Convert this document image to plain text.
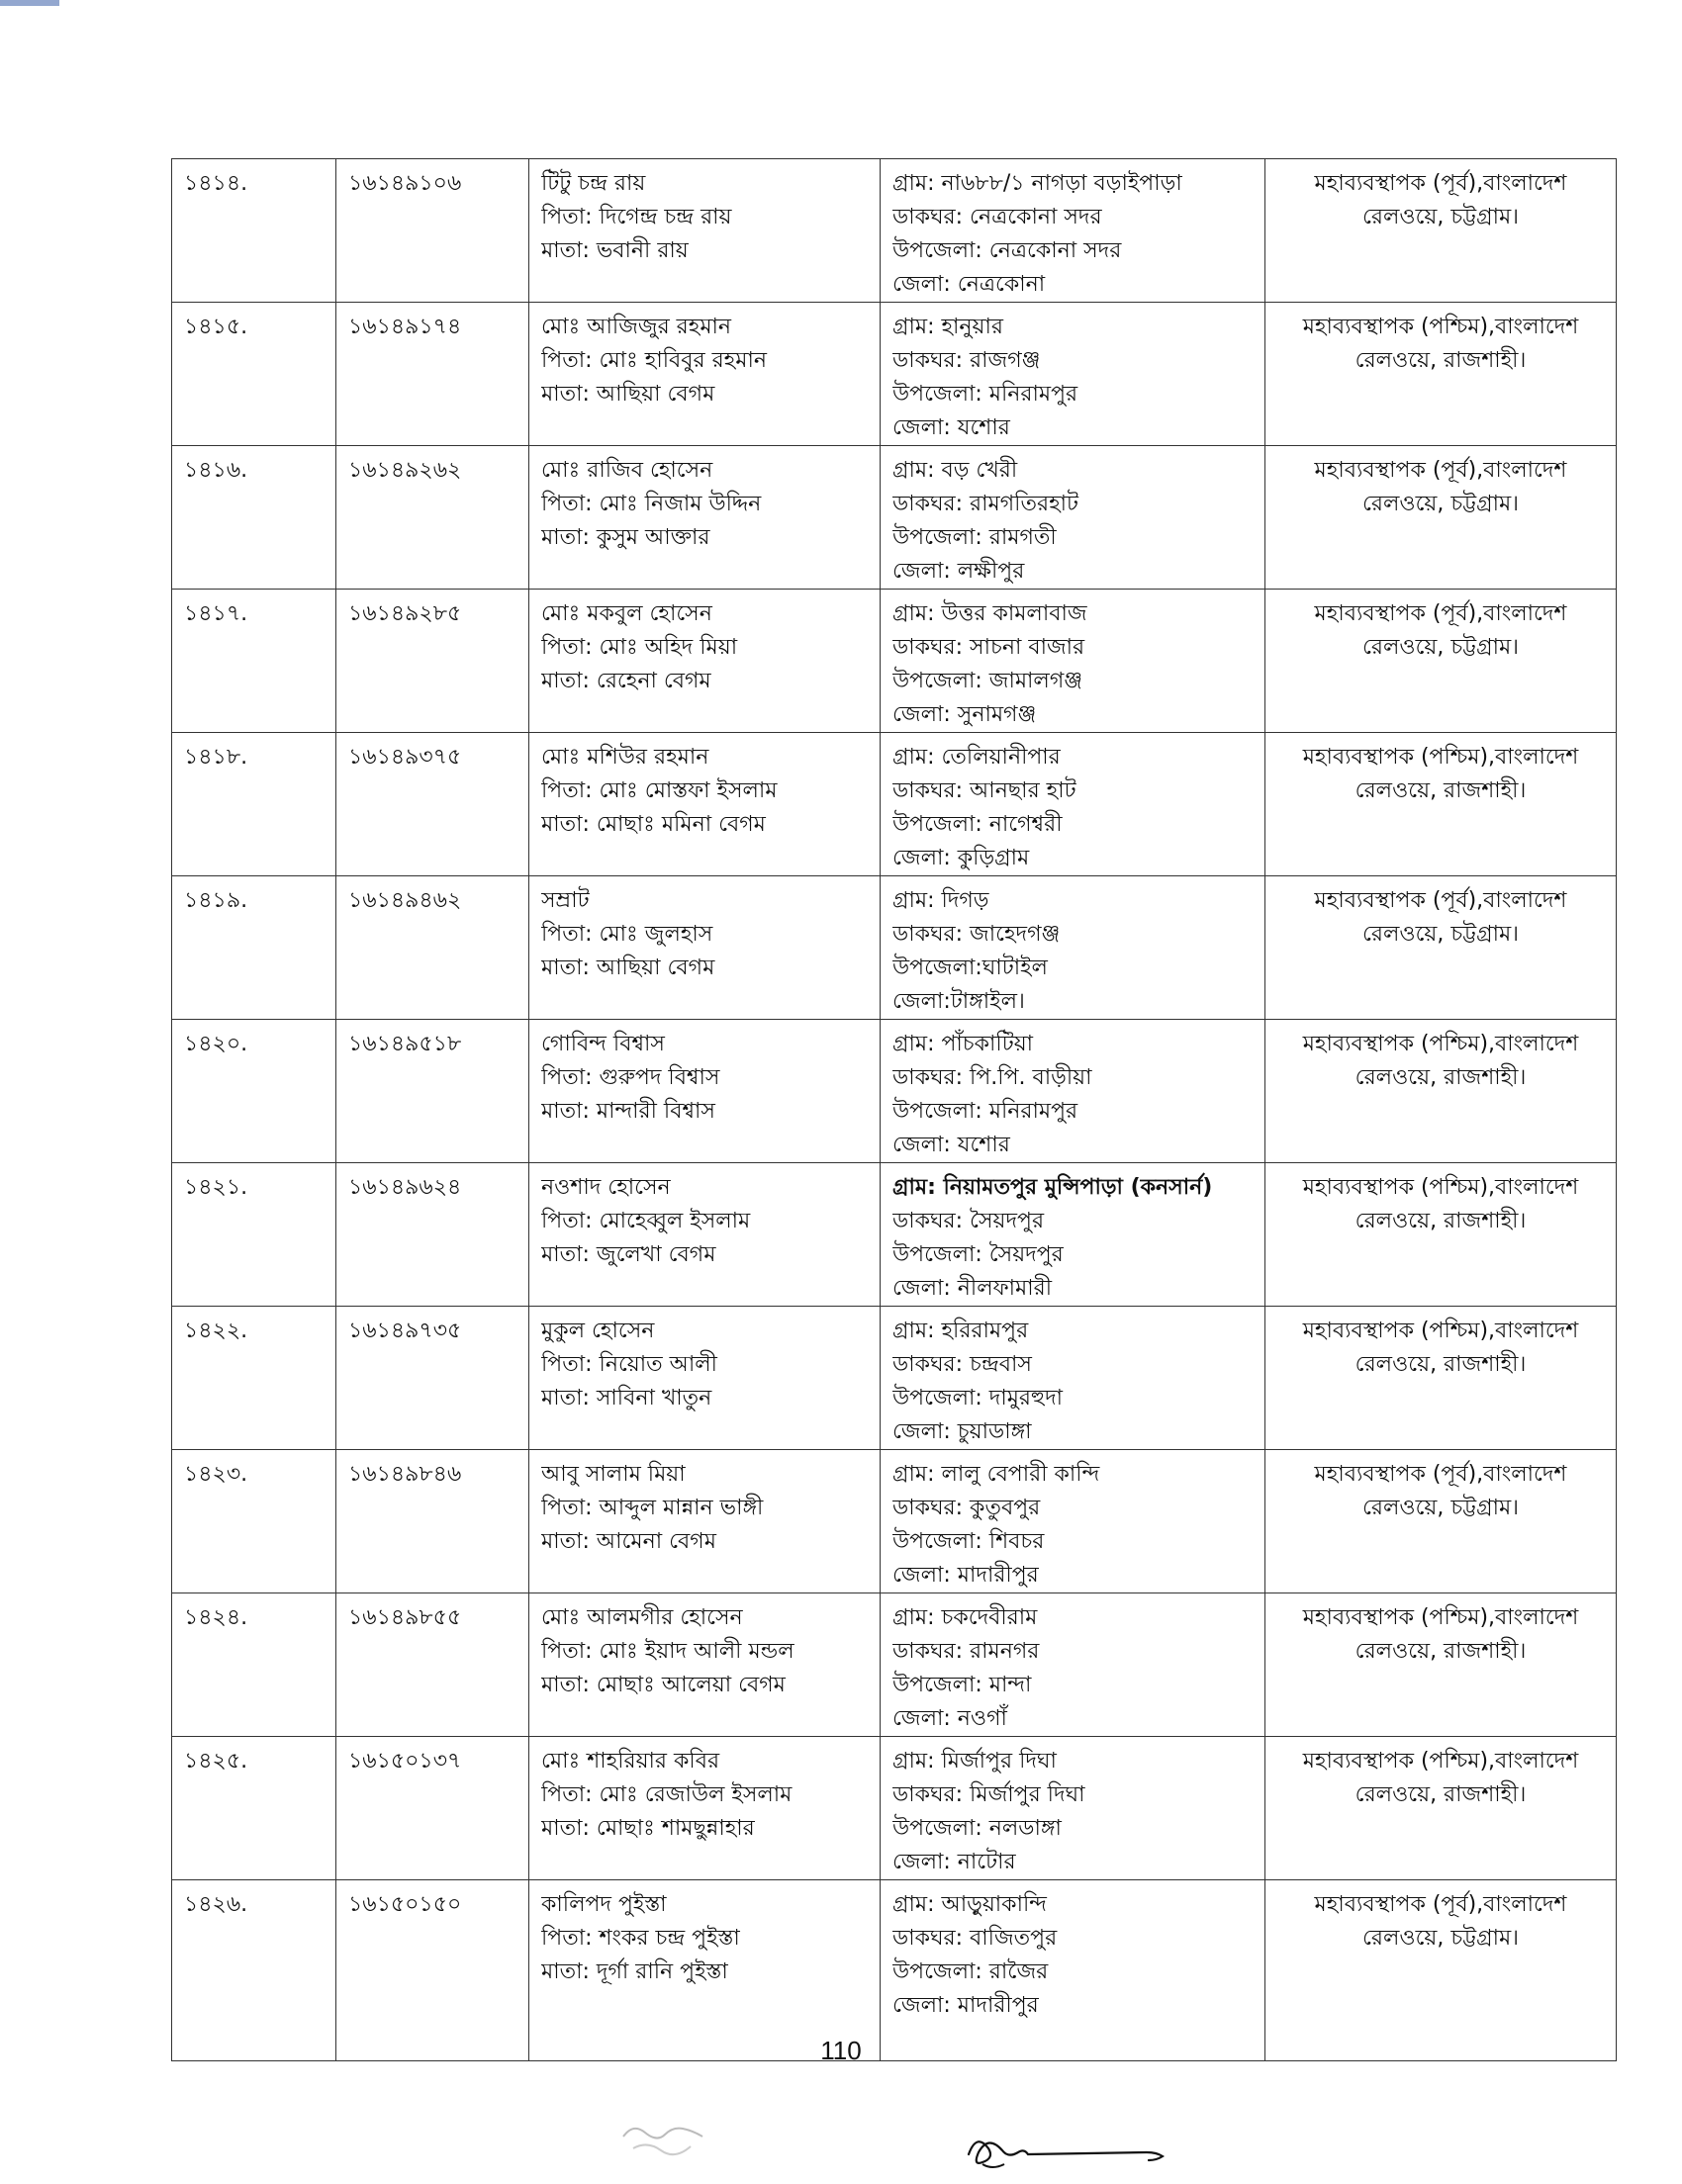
১৪১৪.	১৬১৪৯১০৬	টিটু চন্দ্র রায়
পিতা: দিগেন্দ্র চন্দ্র রায়
মাতা: ভবানী রায়	গ্রাম: না৬৮৮/১ নাগড়া বড়াইপাড়া
ডাকঘর: নেত্রকোনা সদর
উপজেলা: নেত্রকোনা সদর
জেলা: নেত্রকোনা	মহাব্যবস্থাপক (পূর্ব),বাংলাদেশ
রেলওয়ে, চট্টগ্রাম।

১৪১৫.	১৬১৪৯১৭৪	মোঃ আজিজুর রহমান
পিতা: মোঃ হাবিবুর রহমান
মাতা: আছিয়া বেগম	গ্রাম: হানুয়ার
ডাকঘর: রাজগঞ্জ
উপজেলা: মনিরামপুর
জেলা: যশোর	মহাব্যবস্থাপক (পশ্চিম),বাংলাদেশ
রেলওয়ে, রাজশাহী।

১৪১৬.	১৬১৪৯২৬২	মোঃ রাজিব হোসেন
পিতা: মোঃ নিজাম উদ্দিন
মাতা: কুসুম আক্তার	গ্রাম: বড় খেরী
ডাকঘর: রামগতিরহাট
উপজেলা: রামগতী
জেলা: লক্ষীপুর	মহাব্যবস্থাপক (পূর্ব),বাংলাদেশ
রেলওয়ে, চট্টগ্রাম।

১৪১৭.	১৬১৪৯২৮৫	মোঃ মকবুল হোসেন
পিতা: মোঃ অহিদ মিয়া
মাতা: রেহেনা বেগম	গ্রাম: উত্তর কামলাবাজ
ডাকঘর: সাচনা বাজার
উপজেলা: জামালগঞ্জ
জেলা: সুনামগঞ্জ	মহাব্যবস্থাপক (পূর্ব),বাংলাদেশ
রেলওয়ে, চট্টগ্রাম।

১৪১৮.	১৬১৪৯৩৭৫	মোঃ মশিউর রহমান
পিতা: মোঃ মোস্তফা ইসলাম
মাতা: মোছাঃ মমিনা বেগম	গ্রাম: তেলিয়ানীপার
ডাকঘর: আনছার হাট
উপজেলা: নাগেশ্বরী
জেলা: কুড়িগ্রাম	মহাব্যবস্থাপক (পশ্চিম),বাংলাদেশ
রেলওয়ে, রাজশাহী।

১৪১৯.	১৬১৪৯৪৬২	সম্রাট
পিতা: মোঃ জুলহাস
মাতা: আছিয়া বেগম	গ্রাম: দিগড়
ডাকঘর: জাহেদগঞ্জ
উপজেলা:ঘাটাইল
জেলা:টাঙ্গাইল।	মহাব্যবস্থাপক (পূর্ব),বাংলাদেশ
রেলওয়ে, চট্টগ্রাম।

১৪২০.	১৬১৪৯৫১৮	গোবিন্দ বিশ্বাস
পিতা: গুরুপদ বিশ্বাস
মাতা: মান্দারী বিশ্বাস	গ্রাম: পাঁচকাটিয়া
ডাকঘর: পি.পি. বাড়ীয়া
উপজেলা: মনিরামপুর
জেলা: যশোর	মহাব্যবস্থাপক (পশ্চিম),বাংলাদেশ
রেলওয়ে, রাজশাহী।

১৪২১.	১৬১৪৯৬২৪	নওশাদ হোসেন
পিতা: মোহেব্বুল ইসলাম
মাতা: জুলেখা বেগম	গ্রাম: নিয়ামতপুর মুন্সিপাড়া (কনসার্ন)
ডাকঘর: সৈয়দপুর
উপজেলা: সৈয়দপুর
জেলা: নীলফামারী	মহাব্যবস্থাপক (পশ্চিম),বাংলাদেশ
রেলওয়ে, রাজশাহী।

১৪২২.	১৬১৪৯৭৩৫	মুকুল হোসেন
পিতা: নিয়োত আলী
মাতা: সাবিনা খাতুন	গ্রাম: হরিরামপুর
ডাকঘর: চন্দ্রবাস
উপজেলা: দামুরহুদা
জেলা: চুয়াডাঙ্গা	মহাব্যবস্থাপক (পশ্চিম),বাংলাদেশ
রেলওয়ে, রাজশাহী।

১৪২৩.	১৬১৪৯৮৪৬	আবু সালাম মিয়া
পিতা: আব্দুল মান্নান ভাঙ্গী
মাতা: আমেনা বেগম	গ্রাম: লালু বেপারী কান্দি
ডাকঘর: কুতুবপুর
উপজেলা: শিবচর
জেলা: মাদারীপুর	মহাব্যবস্থাপক (পূর্ব),বাংলাদেশ
রেলওয়ে, চট্টগ্রাম।

১৪২৪.	১৬১৪৯৮৫৫	মোঃ আলমগীর হোসেন
পিতা: মোঃ ইয়াদ আলী মন্ডল
মাতা: মোছাঃ আলেয়া বেগম	গ্রাম: চকদেবীরাম
ডাকঘর: রামনগর
উপজেলা: মান্দা
জেলা: নওগাঁ	মহাব্যবস্থাপক (পশ্চিম),বাংলাদেশ
রেলওয়ে, রাজশাহী।

১৪২৫.	১৬১৫০১৩৭	মোঃ শাহরিয়ার কবির
পিতা: মোঃ রেজাউল ইসলাম
মাতা: মোছাঃ শামছুন্নাহার	গ্রাম: মির্জাপুর দিঘা
ডাকঘর: মির্জাপুর দিঘা
উপজেলা: নলডাঙ্গা
জেলা: নাটোর	মহাব্যবস্থাপক (পশ্চিম),বাংলাদেশ
রেলওয়ে, রাজশাহী।

১৪২৬.	১৬১৫০১৫০	কালিপদ পুইস্তা
পিতা: শংকর চন্দ্র পুইস্তা
মাতা: দূর্গা রানি পুইস্তা	গ্রাম: আড়ুয়াকান্দি
ডাকঘর: বাজিতপুর
উপজেলা: রাজৈর
জেলা: মাদারীপুর	মহাব্যবস্থাপক (পূর্ব),বাংলাদেশ
রেলওয়ে, চট্টগ্রাম।
110
